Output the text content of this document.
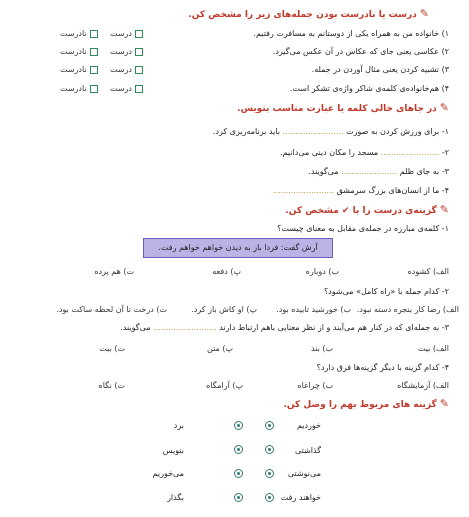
✎درست یا نادرست بودن جمله‌های زیر را مشخص کن.
۱) خانواده من به همراه یکی از دوستانم به مسافرت رفتیم.
درست
نادرست
۲) عکاسی یعنی جای که عکاس در آن عکس می‌گیرد.
درست
نادرست
۳) تشبیه کردن یعنی مثال آوردن در جمله.
درست
نادرست
۴) هم‌خانواده‌ی کلمه‌ی شاکر واژه‌ی تشکر است.
درست
نادرست
✎در جاهای خالی کلمه یا عبارت مناسب بنویس.
۱- برای ورزش کردن به صورت ........................ باید برنامه‌ریزی کرد.
۲- ....................... مسجد را مکان دینی می‌دانیم.
۳- به جای ظلم ...................... می‌گویند.
۴- ما از انسان‌های بزرگ سرمشق ........................
✎گزینه‌ی درست را با ✔ مشخص کن.
۱- کلمه‌ی مبارزه در جمله‌ی مقابل به معنای چیست؟
آرش گفت: فردا باز به دیدن خواهم خواهم رفت.
الف) کشوده
ب) دوباره
پ) دفعه
ت) هم پرده
۲- کدام جمله با «راه کامل» می‌شود؟
الف) رضا کار بنجره دسته نبود.
ب) خورشید تابیده بود.
پ) او کاش باز کرد.
ت) درخت تا آن لحظه ساکت بود.
۳- به جمله‌ای که در کنار هم می‌آیند و از نظر معنایی باهم ارتباط دارند ......................... می‌گویند.
الف) بیت
ب) بند
پ) متن
ت) بیت
۴- کدام گزینه با دیگر گزینه‌ها فرق دارد؟
الف) آزمایشگاه
ب) چراغاه
پ) آرامگاه
ت) نگاه
✎گزینه های مربوط بهم را وصل کن.
خوردیم
گذاشتی
می‌نوشتی
خواهند رفت
برد
بنویس
می‌خوریم
بگذار
